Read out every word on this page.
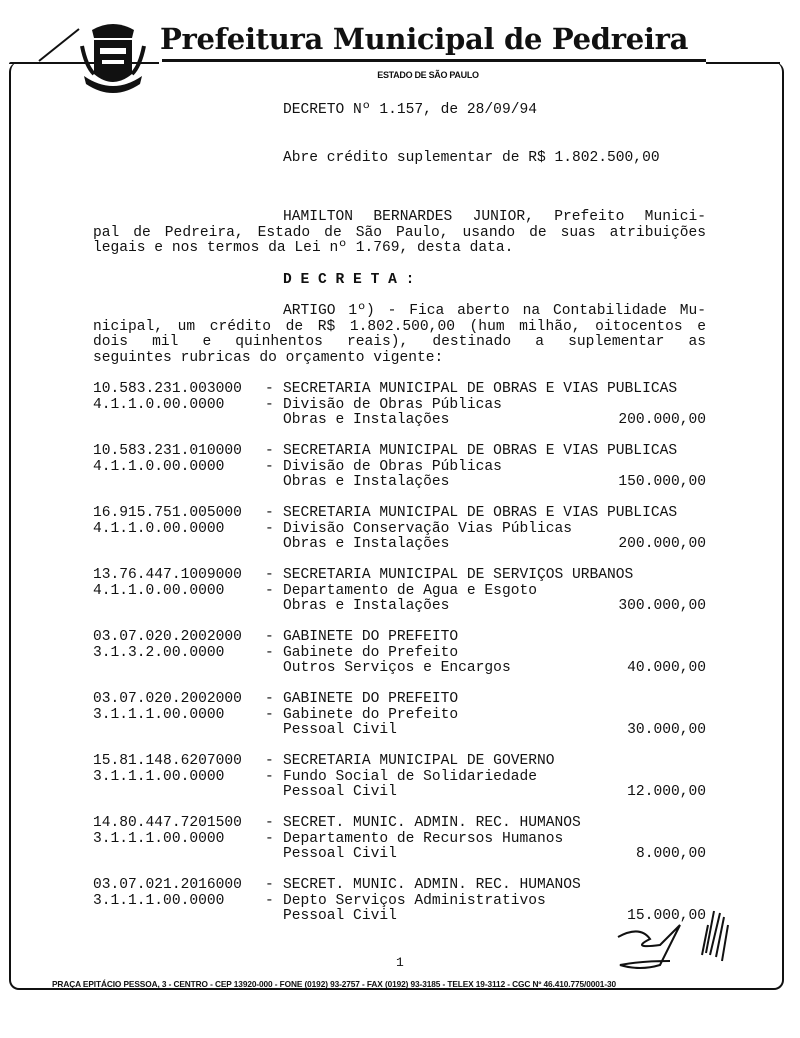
Prefeitura Municipal de Pedreira
ESTADO DE SÃO PAULO
DECRETO Nº 1.157, de 28/09/94
Abre crédito suplementar de R$ 1.802.500,00
HAMILTON BERNARDES JUNIOR, Prefeito Munici-
pal de Pedreira, Estado de São Paulo, usando de suas atribuições
legais e nos termos da Lei nº 1.769, desta data.
D E C R E T A :
ARTIGO 1º) - Fica aberto na Contabilidade Mu-
nicipal, um crédito de R$ 1.802.500,00 (hum milhão, oitocentos e
dois mil e quinhentos reais), destinado a suplementar as
seguintes rubricas do orçamento vigente:
10.583.231.003000
4.1.1.0.00.0000
SECRETARIA MUNICIPAL DE OBRAS E VIAS PUBLICAS
Divisão de Obras Públicas
Obras e Instalações
-
-
200.000,00
10.583.231.010000
4.1.1.0.00.0000
SECRETARIA MUNICIPAL DE OBRAS E VIAS PUBLICAS
Divisão de Obras Públicas
Obras e Instalações
-
-
150.000,00
16.915.751.005000
4.1.1.0.00.0000
SECRETARIA MUNICIPAL DE OBRAS E VIAS PUBLICAS
Divisão Conservação Vias Públicas
Obras e Instalações
-
-
200.000,00
13.76.447.1009000
4.1.1.0.00.0000
SECRETARIA MUNICIPAL DE SERVIÇOS URBANOS
Departamento de Agua e Esgoto
Obras e Instalações
-
-
300.000,00
03.07.020.2002000
3.1.3.2.00.0000
GABINETE DO PREFEITO
Gabinete do Prefeito
Outros Serviços e Encargos
-
-
40.000,00
03.07.020.2002000
3.1.1.1.00.0000
GABINETE DO PREFEITO
Gabinete do Prefeito
Pessoal Civil
-
-
30.000,00
15.81.148.6207000
3.1.1.1.00.0000
SECRETARIA MUNICIPAL DE GOVERNO
Fundo Social de Solidariedade
Pessoal Civil
-
-
12.000,00
14.80.447.7201500
3.1.1.1.00.0000
SECRET. MUNIC. ADMIN. REC. HUMANOS
Departamento de Recursos Humanos
Pessoal Civil
-
-
8.000,00
03.07.021.2016000
3.1.1.1.00.0000
SECRET. MUNIC. ADMIN. REC. HUMANOS
Depto Serviços Administrativos
Pessoal Civil
-
-
15.000,00
1
PRAÇA EPITÁCIO PESSOA, 3 - CENTRO - CEP 13920-000 - FONE (0192) 93-2757 - FAX (0192) 93-3185 - TELEX 19-3112 - CGC Nº 46.410.775/0001-30
